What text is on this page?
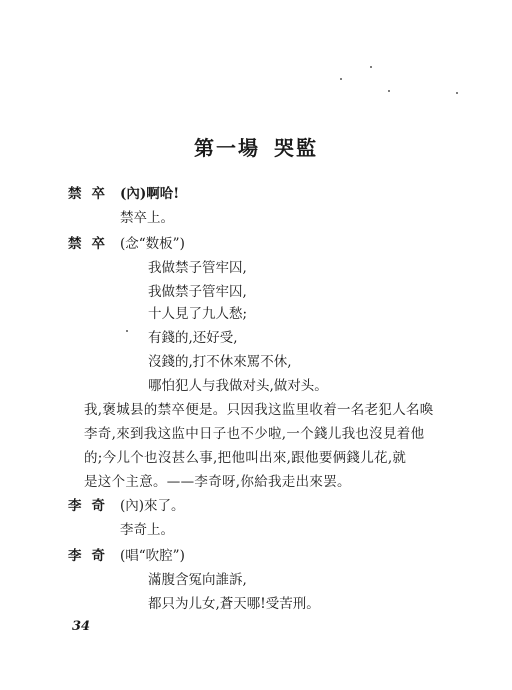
第一場 哭監
禁卒 (內)啊哈!
禁卒上。
禁卒 (念“数板”)
我做禁子管牢囚,
我做禁子管牢囚,
十人見了九人愁;
有錢的,还好受,
沒錢的,打不休來罵不休,
哪怕犯人与我做对头,做对头。
我,褒城县的禁卒便是。只因我这监里收着一名老犯人名喚
李奇,來到我这监中日子也不少啦,一个錢儿我也沒見着他
的;今儿个也沒甚么事,把他叫出來,跟他要俩錢儿花,就
是这个主意。——李奇呀,你給我走出來罢。
李奇 (內)來了。
李奇上。
李奇 (唱“吹腔”)
滿腹含冤向誰訴,
都只为儿女,蒼天哪!受苦刑。
34
